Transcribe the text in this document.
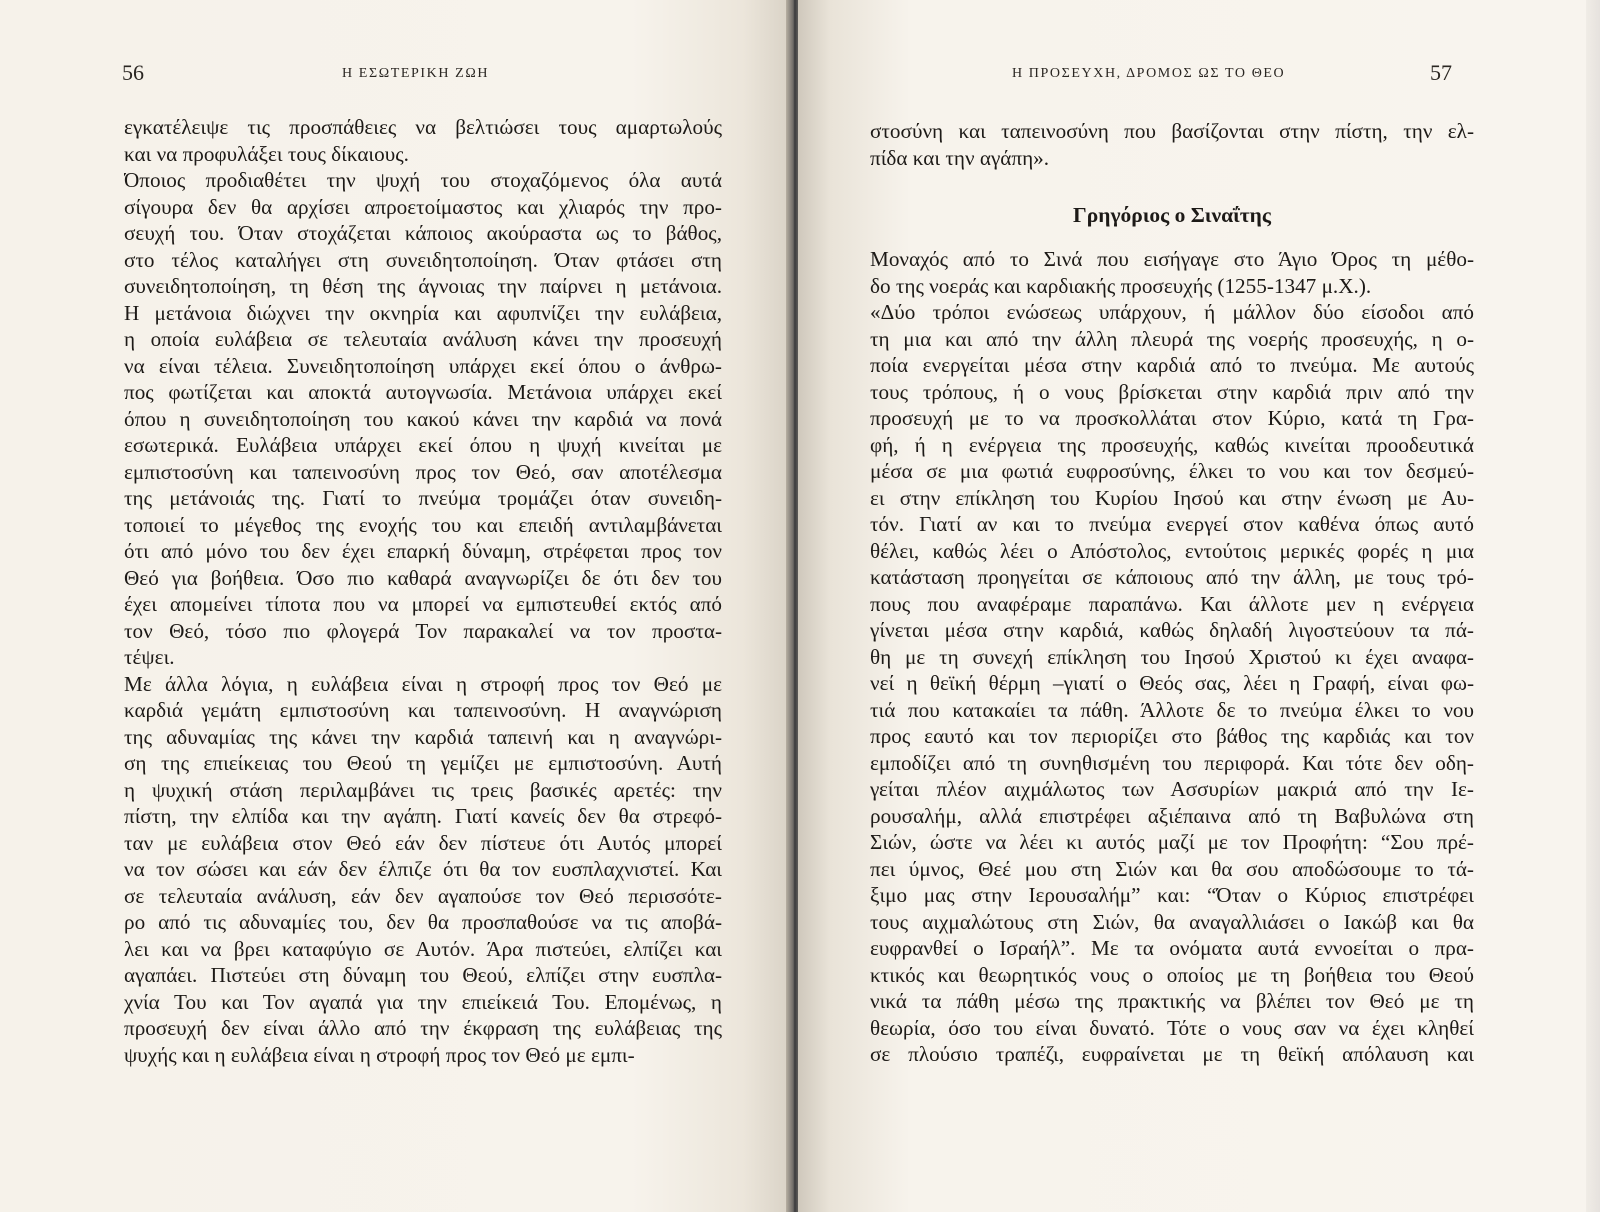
56	Η ΕΣΩΤΕΡΙΚΗ ΖΩΗ
εγκατέλειψε τις προσπάθειες να βελτιώσει τους αμαρτωλούς
και να προφυλάξει τους δίκαιους.
Όποιος προδιαθέτει την ψυχή του στοχαζόμενος όλα αυτά
σίγουρα δεν θα αρχίσει απροετοίμαστος και χλιαρός την προ-
σευχή του. Όταν στοχάζεται κάποιος ακούραστα ως το βάθος,
στο τέλος καταλήγει στη συνειδητοποίηση. Όταν φτάσει στη
συνειδητοποίηση, τη θέση της άγνοιας την παίρνει η μετάνοια.
Η μετάνοια διώχνει την οκνηρία και αφυπνίζει την ευλάβεια,
η οποία ευλάβεια σε τελευταία ανάλυση κάνει την προσευχή
να είναι τέλεια. Συνειδητοποίηση υπάρχει εκεί όπου ο άνθρω-
πος φωτίζεται και αποκτά αυτογνωσία. Μετάνοια υπάρχει εκεί
όπου η συνειδητοποίηση του κακού κάνει την καρδιά να πονά
εσωτερικά. Ευλάβεια υπάρχει εκεί όπου η ψυχή κινείται με
εμπιστοσύνη και ταπεινοσύνη προς τον Θεό, σαν αποτέλεσμα
της μετάνοιάς της. Γιατί το πνεύμα τρομάζει όταν συνειδη-
τοποιεί το μέγεθος της ενοχής του και επειδή αντιλαμβάνεται
ότι από μόνο του δεν έχει επαρκή δύναμη, στρέφεται προς τον
Θεό για βοήθεια. Όσο πιο καθαρά αναγνωρίζει δε ότι δεν του
έχει απομείνει τίποτα που να μπορεί να εμπιστευθεί εκτός από
τον Θεό, τόσο πιο φλογερά Τον παρακαλεί να τον προστα-
τέψει.
Με άλλα λόγια, η ευλάβεια είναι η στροφή προς τον Θεό με
καρδιά γεμάτη εμπιστοσύνη και ταπεινοσύνη. Η αναγνώριση
της αδυναμίας της κάνει την καρδιά ταπεινή και η αναγνώρι-
ση της επιείκειας του Θεού τη γεμίζει με εμπιστοσύνη. Αυτή
η ψυχική στάση περιλαμβάνει τις τρεις βασικές αρετές: την
πίστη, την ελπίδα και την αγάπη. Γιατί κανείς δεν θα στρεφό-
ταν με ευλάβεια στον Θεό εάν δεν πίστευε ότι Αυτός μπορεί
να τον σώσει και εάν δεν έλπιζε ότι θα τον ευσπλαχνιστεί. Και
σε τελευταία ανάλυση, εάν δεν αγαπούσε τον Θεό περισσότε-
ρο από τις αδυναμίες του, δεν θα προσπαθούσε να τις αποβά-
λει και να βρει καταφύγιο σε Αυτόν. Άρα πιστεύει, ελπίζει και
αγαπάει. Πιστεύει στη δύναμη του Θεού, ελπίζει στην ευσπλα-
χνία Του και Τον αγαπά για την επιείκειά Του. Επομένως, η
προσευχή δεν είναι άλλο από την έκφραση της ευλάβειας της
ψυχής και η ευλάβεια είναι η στροφή προς τον Θεό με εμπι-
Η ΠΡΟΣΕΥΧΗ, ΔΡΟΜΟΣ ΩΣ ΤΟ ΘΕΟ	57
στοσύνη και ταπεινοσύνη που βασίζονται στην πίστη, την ελ-
πίδα και την αγάπη».
Γρηγόριος ο Σιναΐτης
Μοναχός από το Σινά που εισήγαγε στο Άγιο Όρος τη μέθο-
δο της νοεράς και καρδιακής προσευχής (1255-1347 μ.Χ.).
«Δύο τρόποι ενώσεως υπάρχουν, ή μάλλον δύο είσοδοι από
τη μια και από την άλλη πλευρά της νοερής προσευχής, η ο-
ποία ενεργείται μέσα στην καρδιά από το πνεύμα. Με αυτούς
τους τρόπους, ή ο νους βρίσκεται στην καρδιά πριν από την
προσευχή με το να προσκολλάται στον Κύριο, κατά τη Γρα-
φή, ή η ενέργεια της προσευχής, καθώς κινείται προοδευτικά
μέσα σε μια φωτιά ευφροσύνης, έλκει το νου και τον δεσμεύ-
ει στην επίκληση του Κυρίου Ιησού και στην ένωση με Αυ-
τόν. Γιατί αν και το πνεύμα ενεργεί στον καθένα όπως αυτό
θέλει, καθώς λέει ο Απόστολος, εντούτοις μερικές φορές η μια
κατάσταση προηγείται σε κάποιους από την άλλη, με τους τρό-
πους που αναφέραμε παραπάνω. Και άλλοτε μεν η ενέργεια
γίνεται μέσα στην καρδιά, καθώς δηλαδή λιγοστεύουν τα πά-
θη με τη συνεχή επίκληση του Ιησού Χριστού κι έχει αναφα-
νεί η θεϊκή θέρμη –γιατί ο Θεός σας, λέει η Γραφή, είναι φω-
τιά που κατακαίει τα πάθη. Άλλοτε δε το πνεύμα έλκει το νου
προς εαυτό και τον περιορίζει στο βάθος της καρδιάς και τον
εμποδίζει από τη συνηθισμένη του περιφορά. Και τότε δεν οδη-
γείται πλέον αιχμάλωτος των Ασσυρίων μακριά από την Ιε-
ρουσαλήμ, αλλά επιστρέφει αξιέπαινα από τη Βαβυλώνα στη
Σιών, ώστε να λέει κι αυτός μαζί με τον Προφήτη: “Σου πρέ-
πει ύμνος, Θεέ μου στη Σιών και θα σου αποδώσουμε το τά-
ξιμο μας στην Ιερουσαλήμ” και: “Όταν ο Κύριος επιστρέφει
τους αιχμαλώτους στη Σιών, θα αναγαλλιάσει ο Ιακώβ και θα
ευφρανθεί ο Ισραήλ”. Με τα ονόματα αυτά εννοείται ο πρα-
κτικός και θεωρητικός νους ο οποίος με τη βοήθεια του Θεού
νικά τα πάθη μέσω της πρακτικής να βλέπει τον Θεό με τη
θεωρία, όσο του είναι δυνατό. Τότε ο νους σαν να έχει κληθεί
σε πλούσιο τραπέζι, ευφραίνεται με τη θεϊκή απόλαυση και
